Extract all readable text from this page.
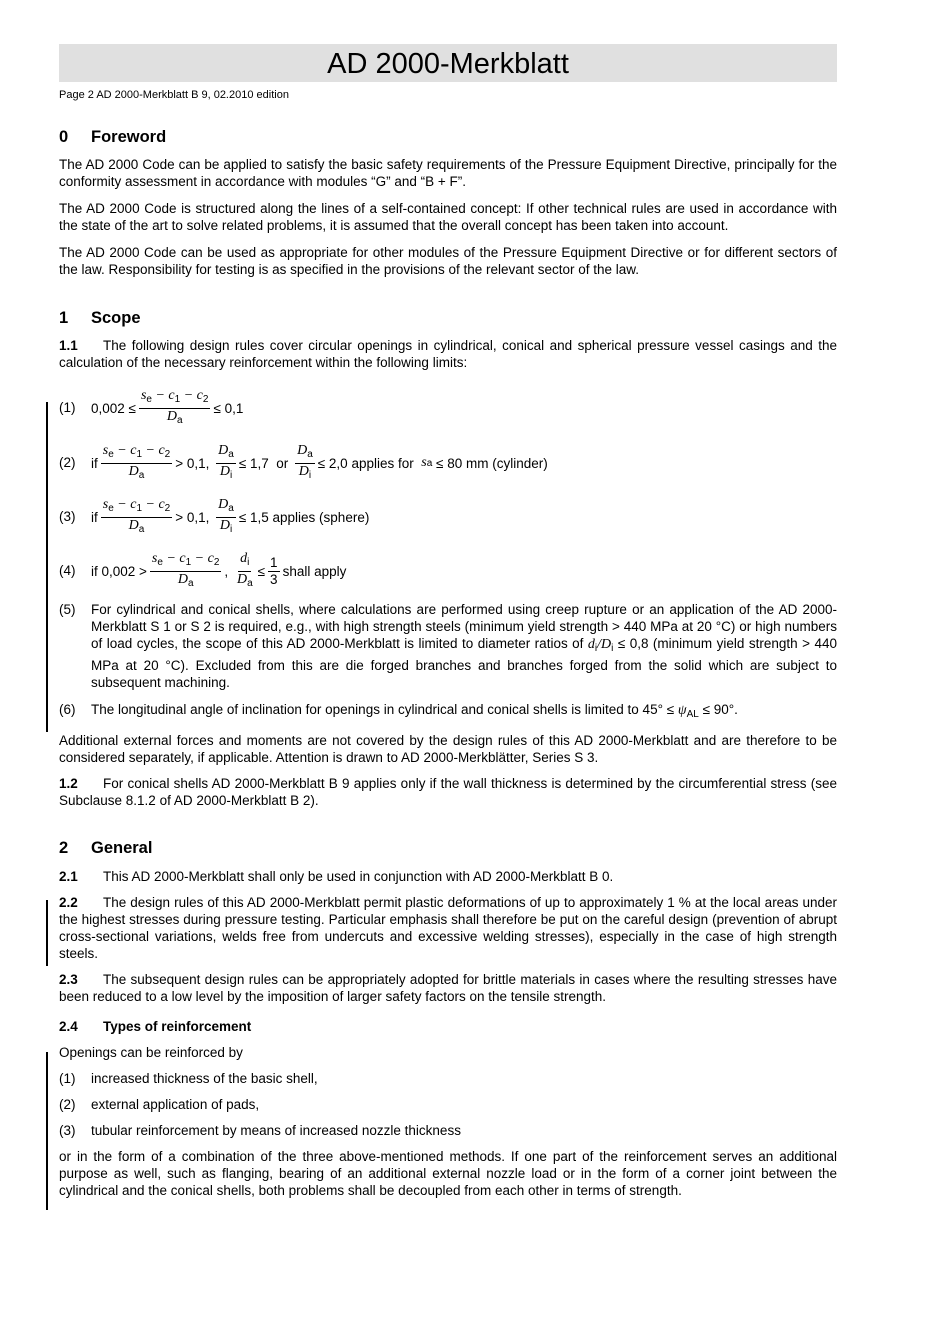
AD 2000-Merkblatt
Page 2 AD 2000-Merkblatt B 9, 02.2010 edition
0 Foreword

The AD 2000 Code can be applied to satisfy the basic safety requirements of the Pressure Equipment Directive, principally for the conformity assessment in accordance with modules “G” and “B + F”.

The AD 2000 Code is structured along the lines of a self-contained concept: If other technical rules are used in accordance with the state of the art to solve related problems, it is assumed that the overall concept has been taken into account.

The AD 2000 Code can be used as appropriate for other modules of the Pressure Equipment Directive or for different sectors of the law. Responsibility for testing is as specified in the provisions of the relevant sector of the law.

1 Scope

1.1 The following design rules cover circular openings in cylindrical, conical and spherical pressure vessel casings and the calculation of the necessary reinforcement within the following limits:

(1) $0,002 \le \frac{s_e - c_1 - c_2}{D_a} \le 0,1$
(2) if $\frac{s_e - c_1 - c_2}{D_a} > 0,1$,
$\frac{D_a}{D_i} \le 1,7$
or
$\frac{D_a}{D_i} \le 2,0$ applies for
s a
≤ 80 mm (cylinder)
(3) if $\frac{s_e - c_1 - c_2}{D_a} > 0,1$,
$\frac{D_a}{D_i} \le 1,5$ applies (sphere)
(4) if $0,002 > \frac{s_e - c_1 - c_2}{D_a}$ ,
$\frac{d_i}{D_a} \le \frac{1}{3}$ shall apply
(5) For cylindrical and conical shells, where calculations are performed using creep rupture or an application of the AD 2000-Merkblatt S 1 or S 2 is required, e.g., with high strength steels (minimum yield strength > 440 MPa at 20 °C) or high numbers of load cycles, the scope of this AD 2000-Merkblatt is limited to diameter ratios of $d_i/D_i \le 0,8$ (minimum yield strength > 440 MPa at 20 °C). Excluded from this are die forged branches and branches forged from the solid which are subject to subsequent machining.
(6) The longitudinal angle of inclination for openings in cylindrical and conical shells is limited to $45^\circ \le \psi_{AL} \le 90^\circ$.

Additional external forces and moments are not covered by the design rules of this AD 2000-Merkblatt and are therefore to be considered separately, if applicable. Attention is drawn to AD 2000-Merkblätter, Series S 3.

1.2 For conical shells AD 2000-Merkblatt B 9 applies only if the wall thickness is determined by the circumferential stress (see Subclause 8.1.2 of AD 2000-Merkblatt B 2).

2 General

2.1 This AD 2000-Merkblatt shall only be used in conjunction with AD 2000-Merkblatt B 0.

2.2 The design rules of this AD 2000-Merkblatt permit plastic deformations of up to approximately 1 % at the local areas under the highest stresses during pressure testing. Particular emphasis shall therefore be put on the careful design (prevention of abrupt cross-sectional variations, welds free from undercuts and excessive welding stresses), especially in the case of high strength steels.

2.3 The subsequent design rules can be appropriately adopted for brittle materials in cases where the resulting stresses have been reduced to a low level by the imposition of larger safety factors on the tensile strength.

2.4 Types of reinforcement

Openings can be reinforced by

(1) increased thickness of the basic shell,
(2) external application of pads,
(3) tubular reinforcement by means of increased nozzle thickness

or in the form of a combination of the three above-mentioned methods. If one part of the reinforcement serves an additional purpose as well, such as flanging, bearing of an additional external nozzle load or in the form of a corner joint between the cylindrical and the conical shells, both problems shall be decoupled from each other in terms of strength.
